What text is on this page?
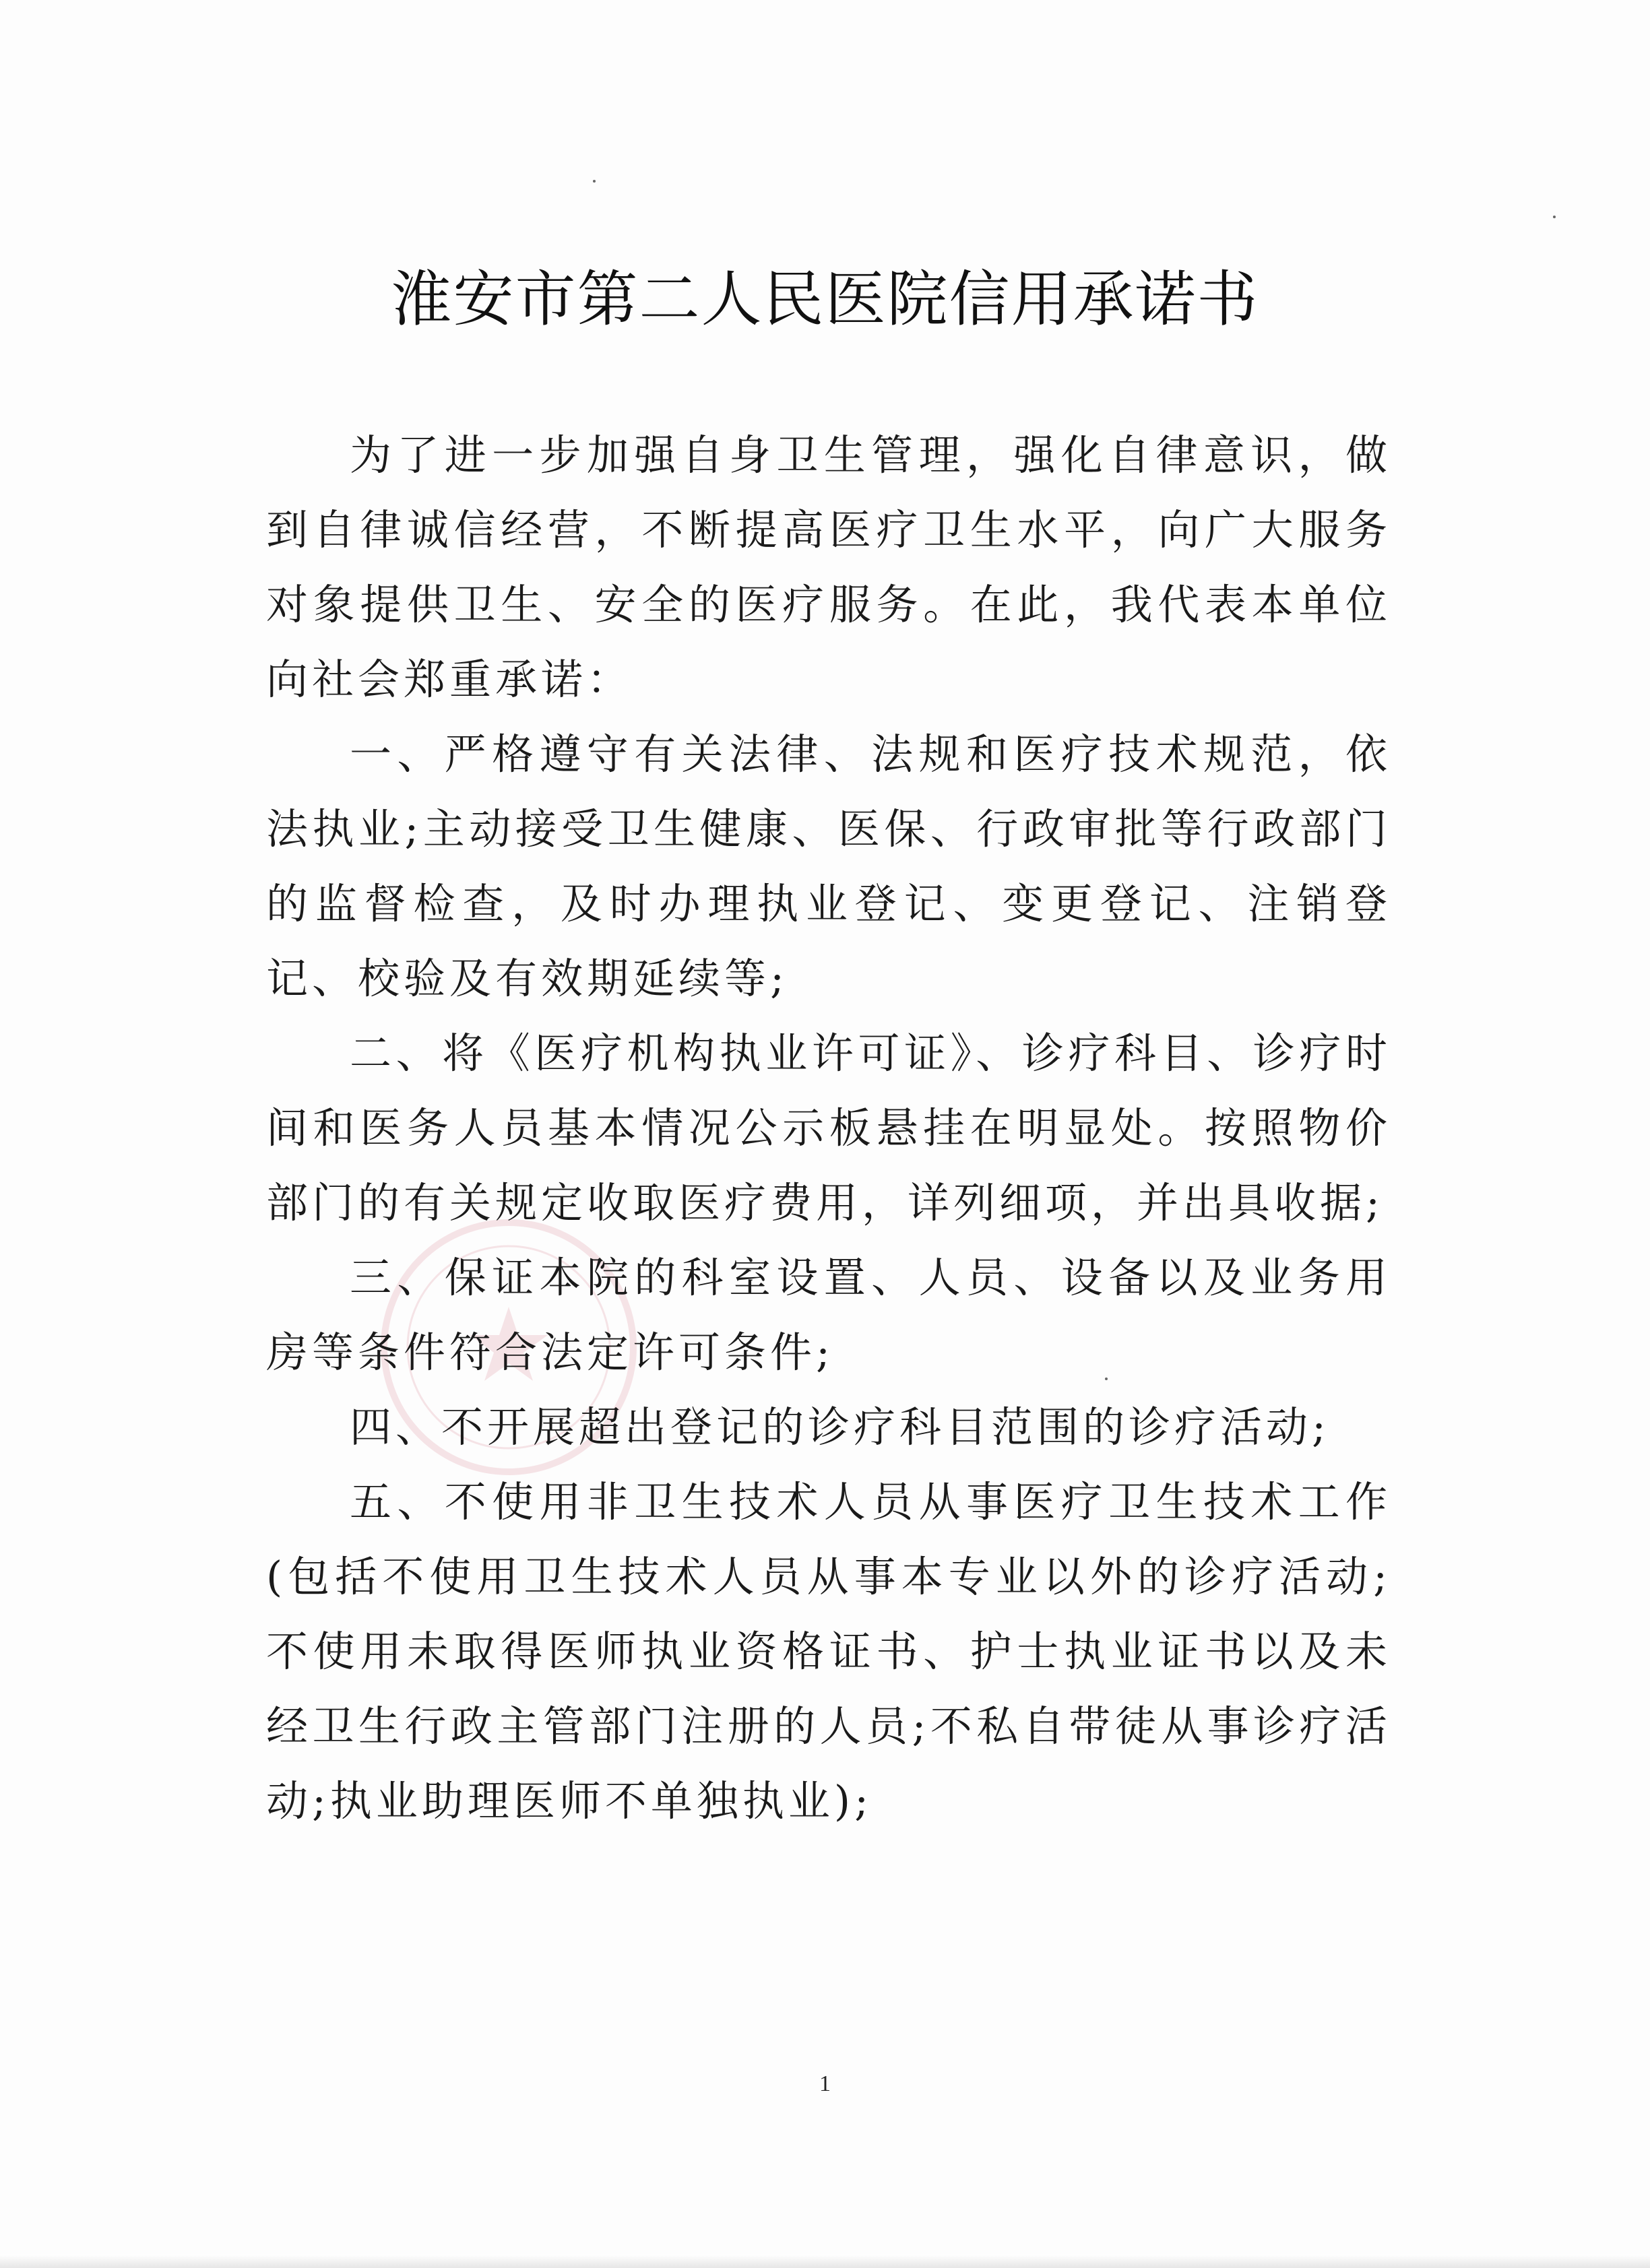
淮安市第二人民医院信用承诺书

为了进一步加强自身卫生管理，强化自律意识，做到自律诚信经营，不断提高医疗卫生水平，向广大服务对象提供卫生、安全的医疗服务。在此，我代表本单位向社会郑重承诺：

一、严格遵守有关法律、法规和医疗技术规范，依法执业;主动接受卫生健康、医保、行政审批等行政部门的监督检查，及时办理执业登记、变更登记、注销登记、校验及有效期延续等;

二、将《医疗机构执业许可证》、诊疗科目、诊疗时间和医务人员基本情况公示板悬挂在明显处。按照物价部门的有关规定收取医疗费用，详列细项，并出具收据;

三、保证本院的科室设置、人员、设备以及业务用房等条件符合法定许可条件;

四、不开展超出登记的诊疗科目范围的诊疗活动;

五、不使用非卫生技术人员从事医疗卫生技术工作(包括不使用卫生技术人员从事本专业以外的诊疗活动;不使用未取得医师执业资格证书、护士执业证书以及未经卫生行政主管部门注册的人员;不私自带徒从事诊疗活动;执业助理医师不单独执业);

1
